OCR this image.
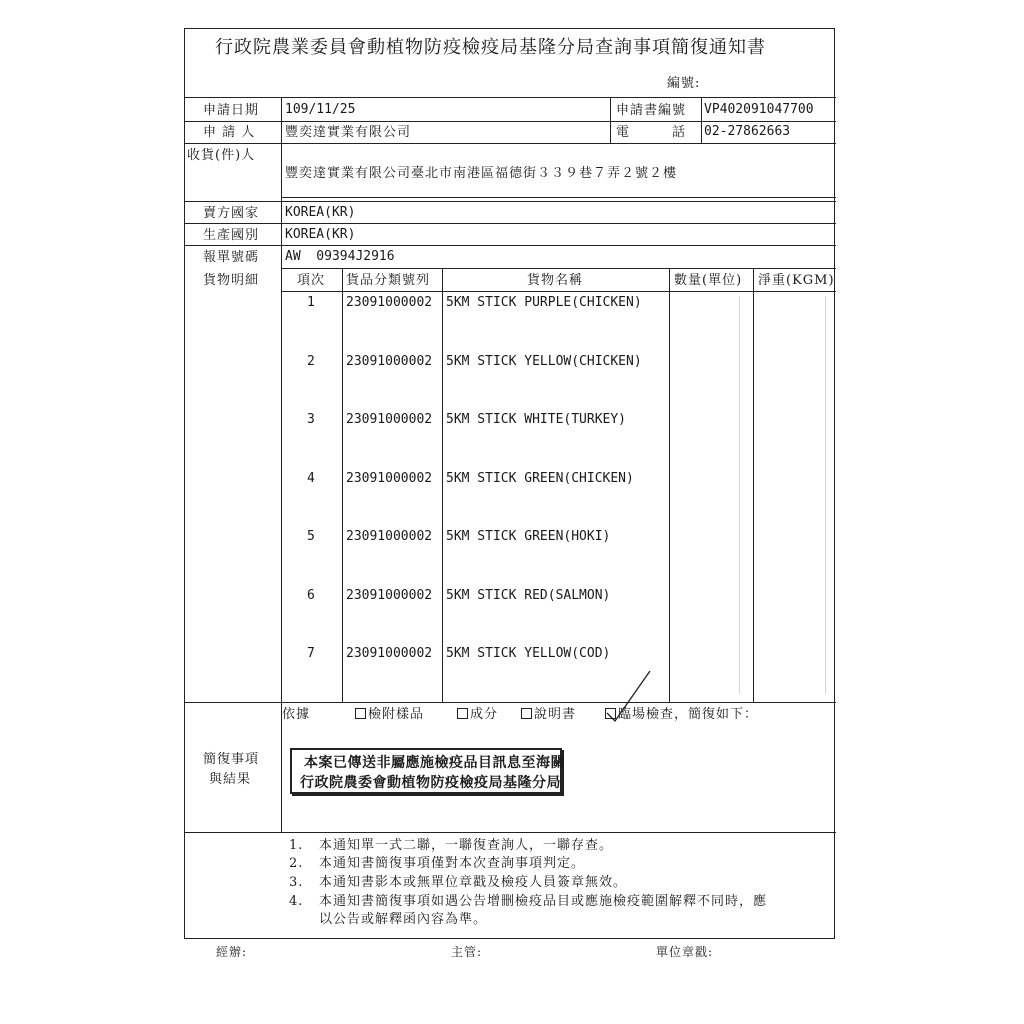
行政院農業委員會動植物防疫檢疫局基隆分局查詢事項簡復通知書
編號:
申請日期 109/11/25	申請書編號 VP402091047700
申 請 人 豐奕達實業有限公司	電　　　話 02-27862663
收貨(件)人
豐奕達實業有限公司臺北市南港區福德街３３９巷７弄２號２樓
賣方國家 KOREA(KR)
生產國別 KOREA(KR)
報單號碼 AW  09394J2916
貨物明細	項次 貨品分類號列	貨物名稱	數量(單位) 淨重(KGM)
1 23091000002 5KM STICK PURPLE(CHICKEN)
2 23091000002 5KM STICK YELLOW(CHICKEN)
3 23091000002 5KM STICK WHITE(TURKEY)
4 23091000002 5KM STICK GREEN(CHICKEN)
5 23091000002 5KM STICK GREEN(HOKI)
6 23091000002 5KM STICK RED(SALMON)
7 23091000002 5KM STICK YELLOW(COD)
依據	檢附樣品	成分	說明書	臨場檢查，簡復如下：
簡復事項
與結果
本案已傳送非屬應施檢疫品目訊息至海關
行政院農委會動植物防疫檢疫局基隆分局
1. 本通知單一式二聯，一聯復查詢人，一聯存查。
2. 本通知書簡復事項僅對本次查詢事項判定。
3. 本通知書影本或無單位章戳及檢疫人員簽章無效。
4. 本通知書簡復事項如遇公告增刪檢疫品目或應施檢疫範圍解釋不同時，應
以公告或解釋函內容為準。
經辦:	主管:	單位章戳:
